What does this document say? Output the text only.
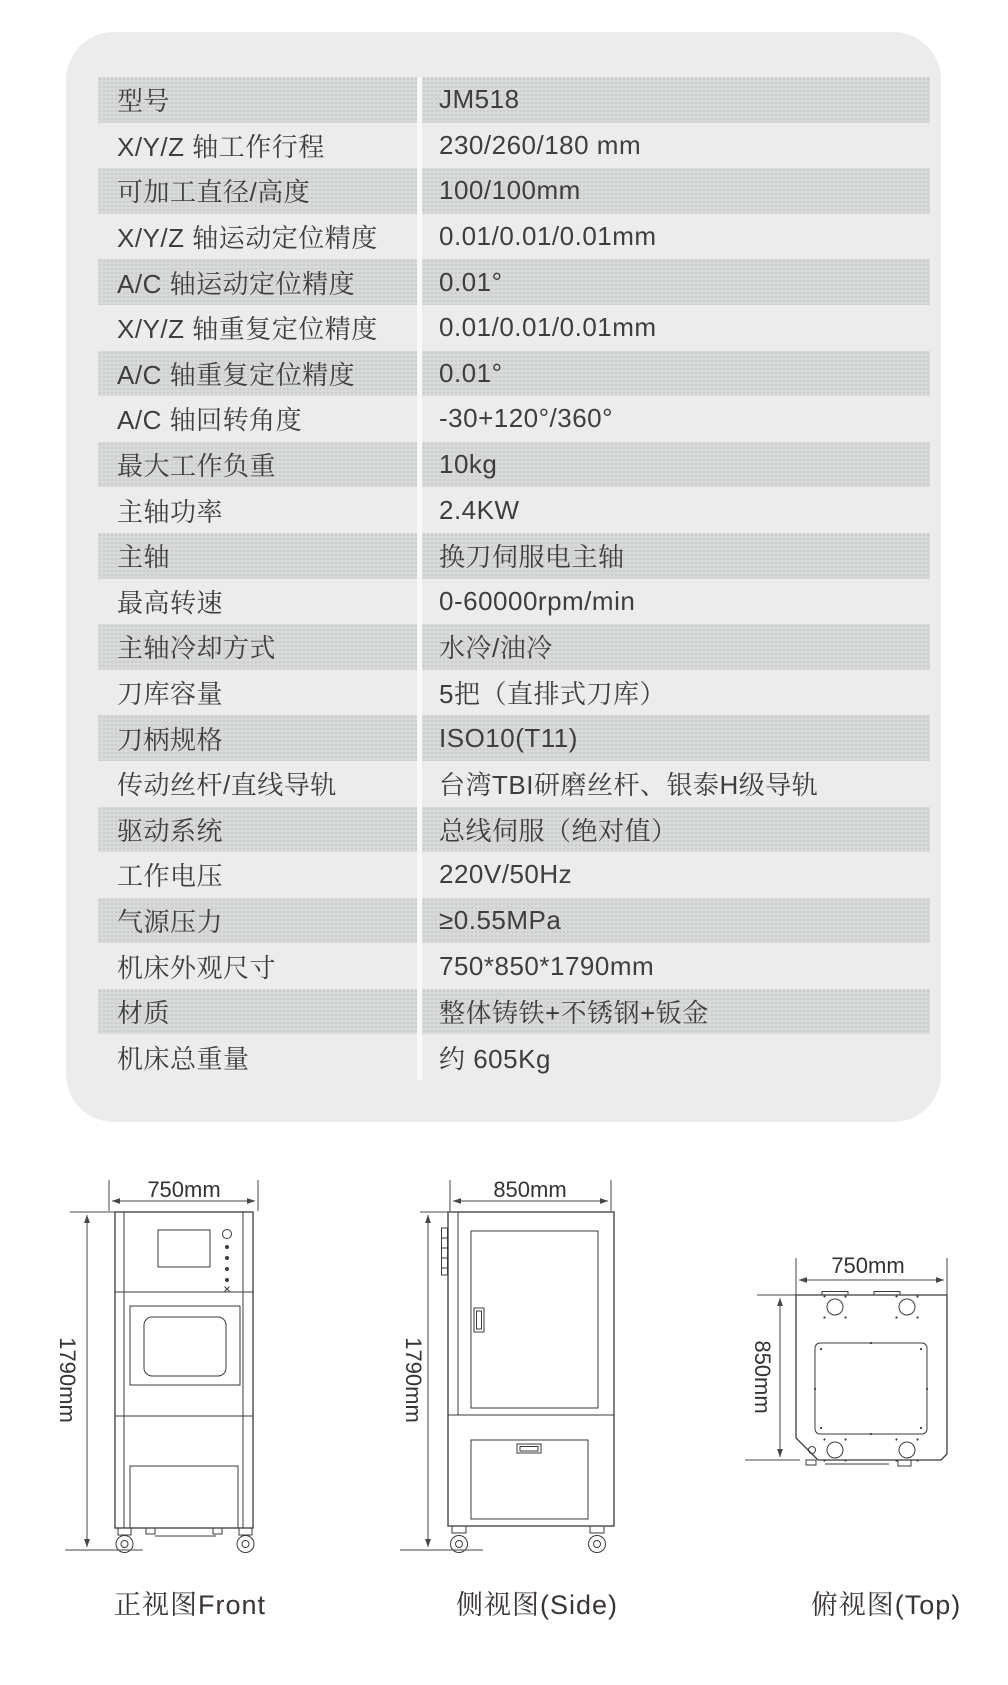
型号	JM518
X/Y/Z 轴工作行程	230/260/180 mm
可加工直径/高度	100/100mm
X/Y/Z 轴运动定位精度	0.01/0.01/0.01mm
A/C 轴运动定位精度	0.01°
X/Y/Z 轴重复定位精度	0.01/0.01/0.01mm
A/C 轴重复定位精度	0.01°
A/C 轴回转角度	-30+120°/360°
最大工作负重	10kg
主轴功率	2.4KW
主轴	换刀伺服电主轴
最高转速	0-60000rpm/min
主轴冷却方式	水冷/油冷
刀库容量	5把（直排式刀库）
刀柄规格	ISO10(T11)
传动丝杆/直线导轨	台湾TBI研磨丝杆、银泰H级导轨
驱动系统	总线伺服（绝对值）
工作电压	220V/50Hz
气源压力	≥0.55MPa
机床外观尺寸	750*850*1790mm
材质	整体铸铁+不锈钢+钣金
机床总重量	约 605Kg
750mm
1790mm
850mm
1790mm
750mm
850mm
正视图Front	侧视图(Side)	俯视图(Top)
